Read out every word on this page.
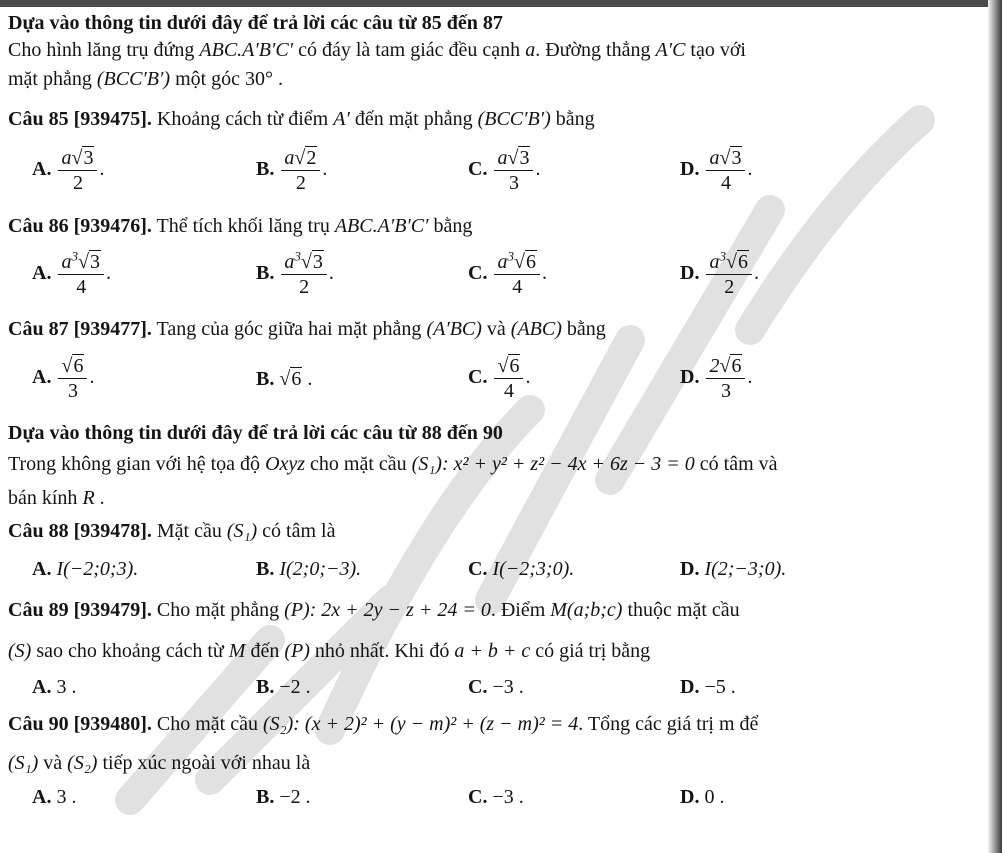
Dựa vào thông tin dưới đây để trả lời các câu từ 85 đến 87
Cho hình lăng trụ đứng ABC.A′B′C′ có đáy là tam giác đều cạnh a. Đường thẳng A′C tạo với
mặt phẳng (BCC′B′) một góc 30° .
Câu 85 [939475]. Khoảng cách từ điểm A′ đến mặt phẳng (BCC′B′) bằng
A. $\frac{a√3}{2}$ .	B. $\frac{a√2}{2}$ .	C. $\frac{a√3}{3}$ .	D. $\frac{a√3}{4}$ .
Câu 86 [939476]. Thể tích khối lăng trụ ABC.A′B′C′ bằng
A. $\frac{a^3√3}{4}$ .	B. $\frac{a^3√3}{2}$ .	C. $\frac{a^3√6}{4}$ .	D. $\frac{a^3√6}{2}$ .
Câu 87 [939477]. Tang của góc giữa hai mặt phẳng (A′BC) và (ABC) bằng
A. $\frac{√6}{3}$ .	B. √6 .	C. $\frac{√6}{4}$ .	D. $\frac{2√6}{3}$ .
Dựa vào thông tin dưới đây để trả lời các câu từ 88 đến 90
Trong không gian với hệ tọa độ Oxyz cho mặt cầu (S₁): x² + y² + z² − 4x + 6z − 3 = 0 có tâm và
bán kính R .
Câu 88 [939478]. Mặt cầu (S₁) có tâm là
A. I(−2;0;3).	B. I(2;0;−3).	C. I(−2;3;0).	D. I(2;−3;0).
Câu 89 [939479]. Cho mặt phẳng (P): 2x + 2y − z + 24 = 0. Điểm M(a;b;c) thuộc mặt cầu
(S) sao cho khoảng cách từ M đến (P) nhỏ nhất. Khi đó a + b + c có giá trị bằng
A. 3 .	B. −2 .	C. −3 .	D. −5 .
Câu 90 [939480]. Cho mặt cầu (S₂): (x + 2)² + (y − m)² + (z − m)² = 4. Tổng các giá trị m để
(S₁) và (S₂) tiếp xúc ngoài với nhau là
A. 3 .	B. −2 .	C. −3 .	D. 0 .
